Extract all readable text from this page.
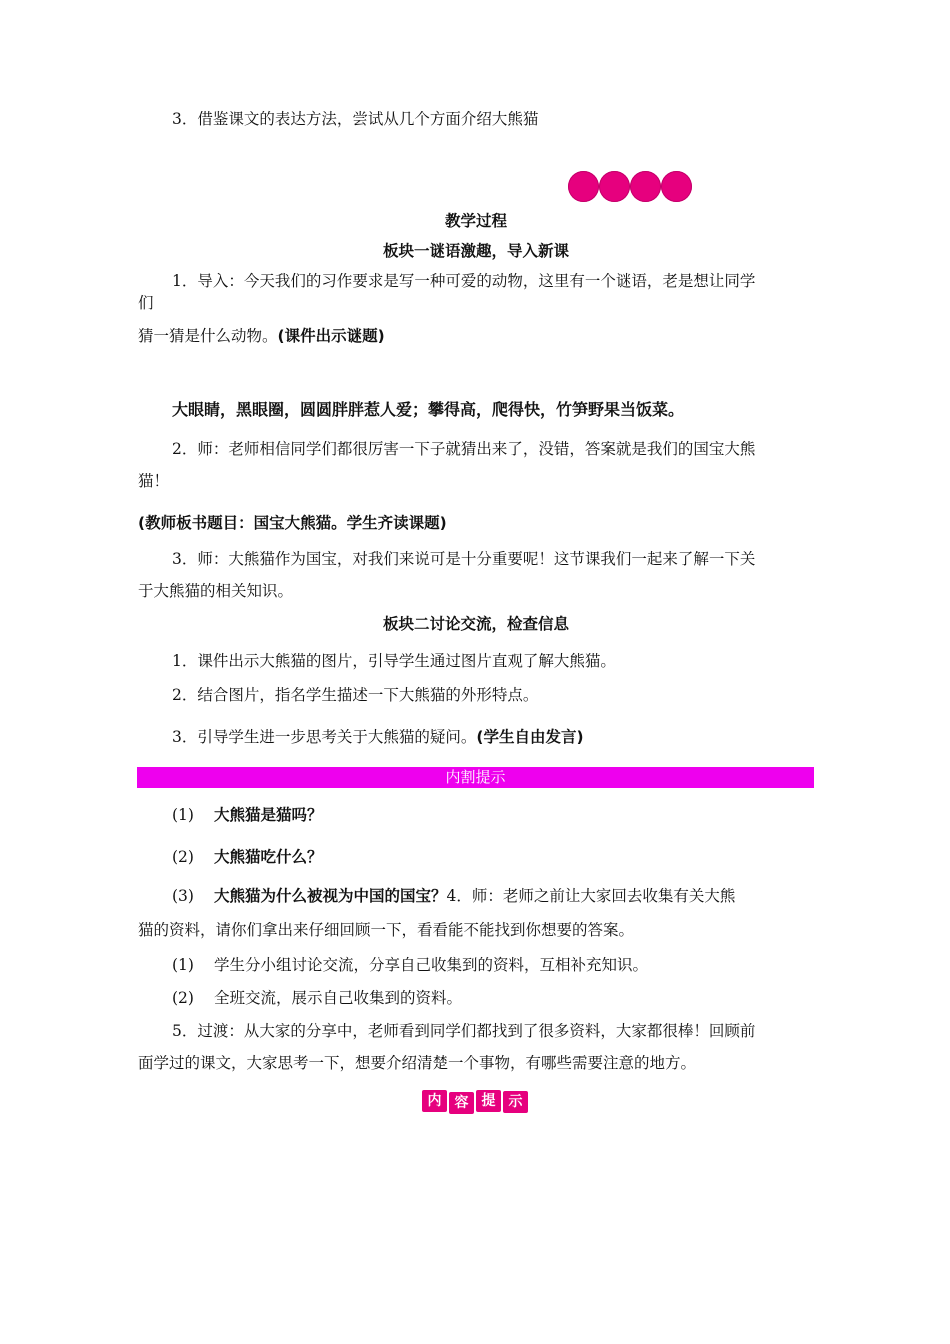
3．借鉴课文的表达方法，尝试从几个方面介绍大熊猫
教学过程
板块一谜语激趣，导入新课
1．导入：今天我们的习作要求是写一种可爱的动物，这里有一个谜语，老是想让同学
们
猜一猜是什么动物。(课件出示谜题)
大眼睛，黑眼圈，圆圆胖胖惹人爱；攀得高，爬得快，竹笋野果当饭菜。
2．师：老师相信同学们都很厉害一下子就猜出来了，没错，答案就是我们的国宝大熊
猫！
(教师板书题目：国宝大熊猫。学生齐读课题)
3．师：大熊猫作为国宝，对我们来说可是十分重要呢！这节课我们一起来了解一下关
于大熊猫的相关知识。
板块二讨论交流，检查信息
1．课件出示大熊猫的图片，引导学生通过图片直观了解大熊猫。
2．结合图片，指名学生描述一下大熊猫的外形特点。
3．引导学生进一步思考关于大熊猫的疑问。(学生自由发言)
内割提示
(1) 大熊猫是猫吗？
(2) 大熊猫吃什么？
(3) 大熊猫为什么被视为中国的国宝？4．师：老师之前让大家回去收集有关大熊
猫的资料，请你们拿出来仔细回顾一下，看看能不能找到你想要的答案。
(1) 学生分小组讨论交流，分享自己收集到的资料，互相补充知识。
(2) 全班交流，展示自己收集到的资料。
5．过渡：从大家的分享中，老师看到同学们都找到了很多资料，大家都很棒！回顾前
面学过的课文，大家思考一下，想要介绍清楚一个事物，有哪些需要注意的地方。
内 容 提 示
